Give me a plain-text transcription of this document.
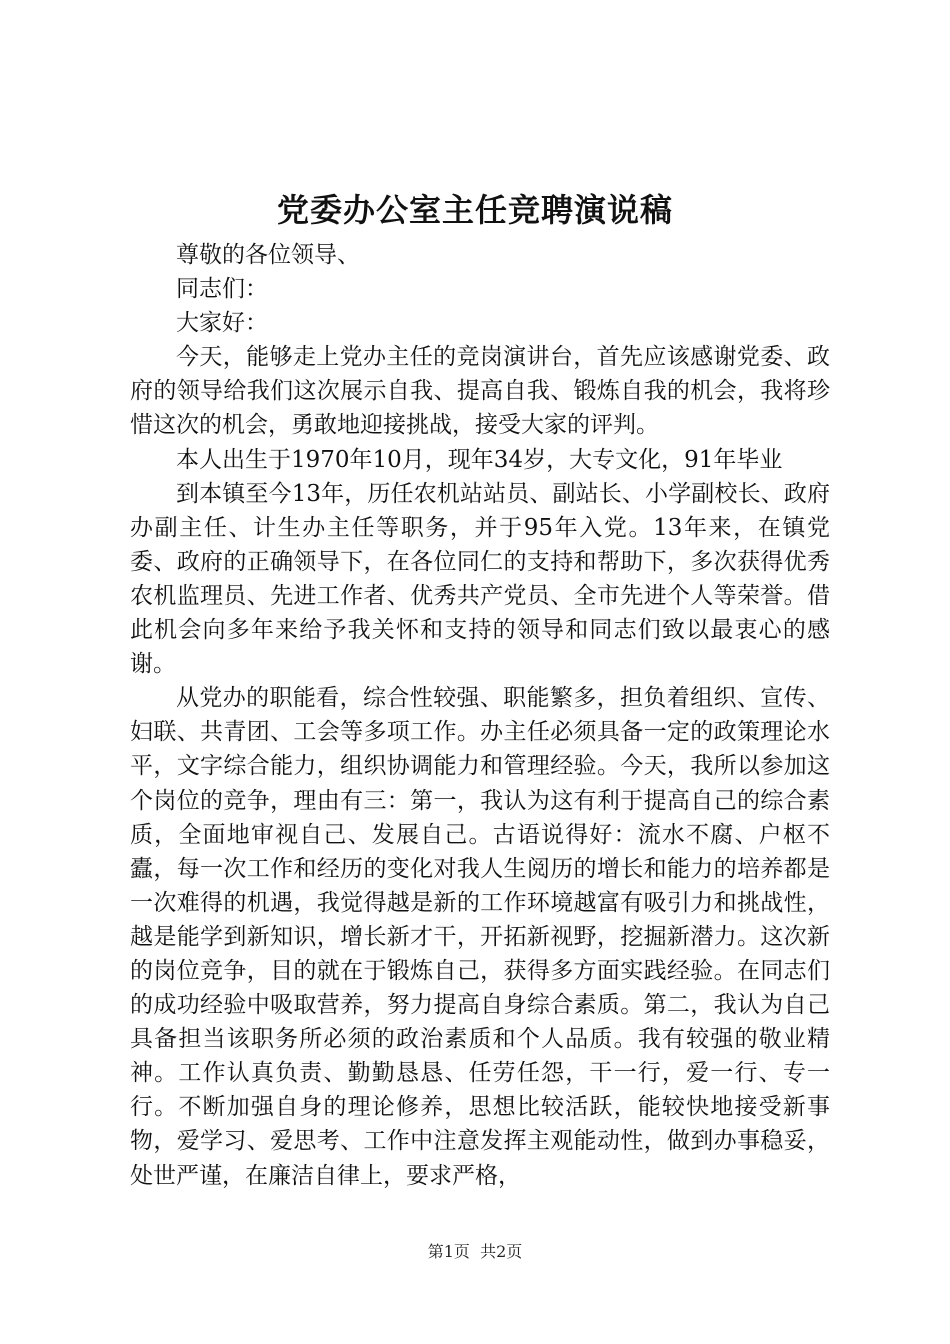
党委办公室主任竞聘演说稿

尊敬的各位领导、

同志们：

大家好：

今天，能够走上党办主任的竞岗演讲台，首先应该感谢党委、政府的领导给我们这次展示自我、提高自我、锻炼自我的机会，我将珍惜这次的机会，勇敢地迎接挑战，接受大家的评判。

本人出生于1970年10月，现年34岁，大专文化，91年毕业

到本镇至今13年，历任农机站站员、副站长、小学副校长、政府办副主任、计生办主任等职务，并于95年入党。13年来，在镇党委、政府的正确领导下，在各位同仁的支持和帮助下，多次获得优秀农机监理员、先进工作者、优秀共产党员、全市先进个人等荣誉。借此机会向多年来给予我关怀和支持的领导和同志们致以最衷心的感谢。

从党办的职能看，综合性较强、职能繁多，担负着组织、宣传、妇联、共青团、工会等多项工作。办主任必须具备一定的政策理论水平，文字综合能力，组织协调能力和管理经验。今天，我所以参加这个岗位的竞争，理由有三：第一，我认为这有利于提高自己的综合素质，全面地审视自己、发展自己。古语说得好：流水不腐、户枢不蠹，每一次工作和经历的变化对我人生阅历的增长和能力的培养都是一次难得的机遇，我觉得越是新的工作环境越富有吸引力和挑战性，越是能学到新知识，增长新才干，开拓新视野，挖掘新潜力。这次新的岗位竞争，目的就在于锻炼自己，获得多方面实践经验。在同志们的成功经验中吸取营养，努力提高自身综合素质。第二，我认为自己具备担当该职务所必须的政治素质和个人品质。我有较强的敬业精神。工作认真负责、勤勤恳恳、任劳任怨，干一行，爱一行、专一行。不断加强自身的理论修养，思想比较活跃，能较快地接受新事物，爱学习、爱思考、工作中注意发挥主观能动性，做到办事稳妥，处世严谨，在廉洁自律上，要求严格，

第1页 共2页
